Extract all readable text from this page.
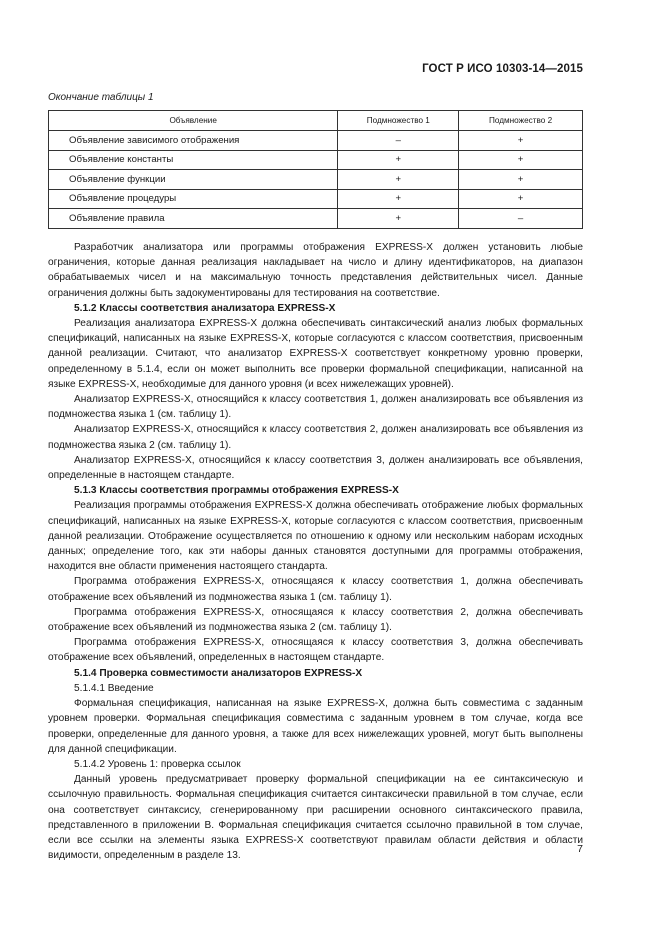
ГОСТ Р ИСО 10303-14—2015
Окончание таблицы 1
Объявление	Подмножество 1	Подмножество 2
Объявление зависимого отображения	–	+
Объявление константы	+	+
Объявление функции	+	+
Объявление процедуры	+	+
Объявление правила	+	–

Разработчик анализатора или программы отображения EXPRESS-X должен установить любые ограничения, которые данная реализация накладывает на число и длину идентификаторов, на диапазон обрабатываемых чисел и на максимальную точность представления действительных чисел. Данные ограничения должны быть задокументированы для тестирования на соответствие.

5.1.2 Классы соответствия анализатора EXPRESS-X

Реализация анализатора EXPRESS-X должна обеспечивать синтаксический анализ любых формальных спецификаций, написанных на языке EXPRESS-X, которые согласуются с классом соответствия, присвоенным данной реализации. Считают, что анализатор EXPRESS-X соответствует конкретному уровню проверки, определенному в 5.1.4, если он может выполнить все проверки формальной спецификации, написанной на языке EXPRESS-X, необходимые для данного уровня (и всех нижележащих уровней).

Анализатор EXPRESS-X, относящийся к классу соответствия 1, должен анализировать все объявления из подмножества языка 1 (см. таблицу 1).

Анализатор EXPRESS-X, относящийся к классу соответствия 2, должен анализировать все объявления из подмножества языка 2 (см. таблицу 1).

Анализатор EXPRESS-X, относящийся к классу соответствия 3, должен анализировать все объявления, определенные в настоящем стандарте.

5.1.3 Классы соответствия программы отображения EXPRESS-X

Реализация программы отображения EXPRESS-X должна обеспечивать отображение любых формальных спецификаций, написанных на языке EXPRESS-X, которые согласуются с классом соответствия, присвоенным данной реализации. Отображение осуществляется по отношению к одному или нескольким наборам исходных данных; определение того, как эти наборы данных становятся доступными для программы отображения, находится вне области применения настоящего стандарта.

Программа отображения EXPRESS-X, относящаяся к классу соответствия 1, должна обеспечивать отображение всех объявлений из подмножества языка 1 (см. таблицу 1).

Программа отображения EXPRESS-X, относящаяся к классу соответствия 2, должна обеспечивать отображение всех объявлений из подмножества языка 2 (см. таблицу 1).

Программа отображения EXPRESS-X, относящаяся к классу соответствия 3, должна обеспечивать отображение всех объявлений, определенных в настоящем стандарте.

5.1.4 Проверка совместимости анализаторов EXPRESS-X

5.1.4.1 Введение

Формальная спецификация, написанная на языке EXPRESS-X, должна быть совместима с заданным уровнем проверки. Формальная спецификация совместима с заданным уровнем в том случае, когда все проверки, определенные для данного уровня, а также для всех нижележащих уровней, могут быть выполнены для данной спецификации.

5.1.4.2 Уровень 1: проверка ссылок

Данный уровень предусматривает проверку формальной спецификации на ее синтаксическую и ссылочную правильность. Формальная спецификация считается синтаксически правильной в том случае, если она соответствует синтаксису, сгенерированному при расширении основного синтаксического правила, представленного в приложении В. Формальная спецификация считается ссылочно правильной в том случае, если все ссылки на элементы языка EXPRESS-X соответствуют правилам области действия и области видимости, определенным в разделе 13.

7
